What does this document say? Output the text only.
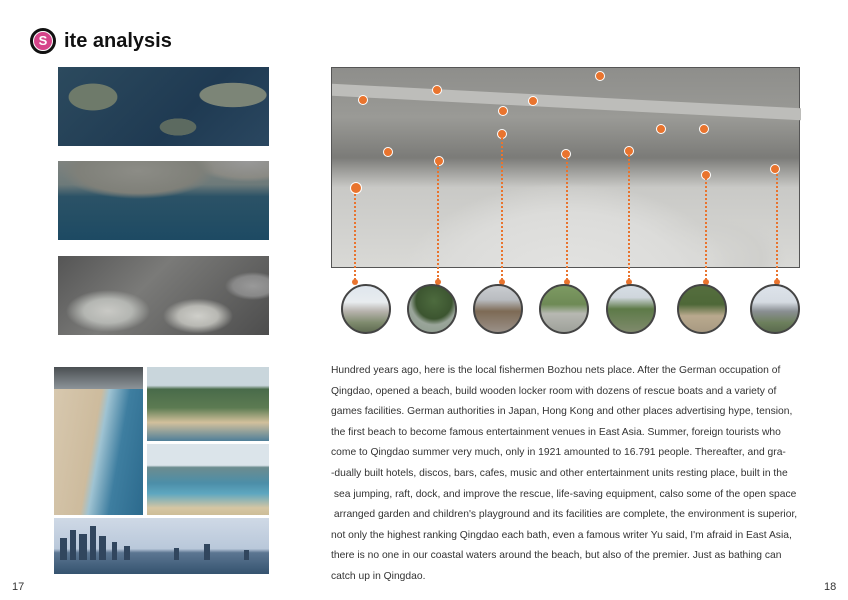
S ite analysis
Hundred years ago, here is the local fishermen Bozhou nets place. After the German occupation of
Qingdao, opened a beach, build wooden locker room with dozens of rescue boats and a variety of
games facilities. German authorities in Japan, Hong Kong and other places advertising hype, tension,
the first beach to become famous entertainment venues in East Asia. Summer, foreign tourists who
come to Qingdao summer very much, only in 1921 amounted to 16.791 people. Thereafter, and gra-
-dually built hotels, discos, bars, cafes, music and other entertainment units resting place, built in the
sea jumping, raft, dock, and improve the rescue, life-saving equipment, calso some of the open space
arranged garden and children's playground and its facilities are complete, the environment is superior,
not only the highest ranking Qingdao each bath, even a famous writer Yu said, I'm afraid in East Asia,
there is no one in our coastal waters around the beach, but also of the premier. Just as bathing can
catch up in Qingdao.
17	18
